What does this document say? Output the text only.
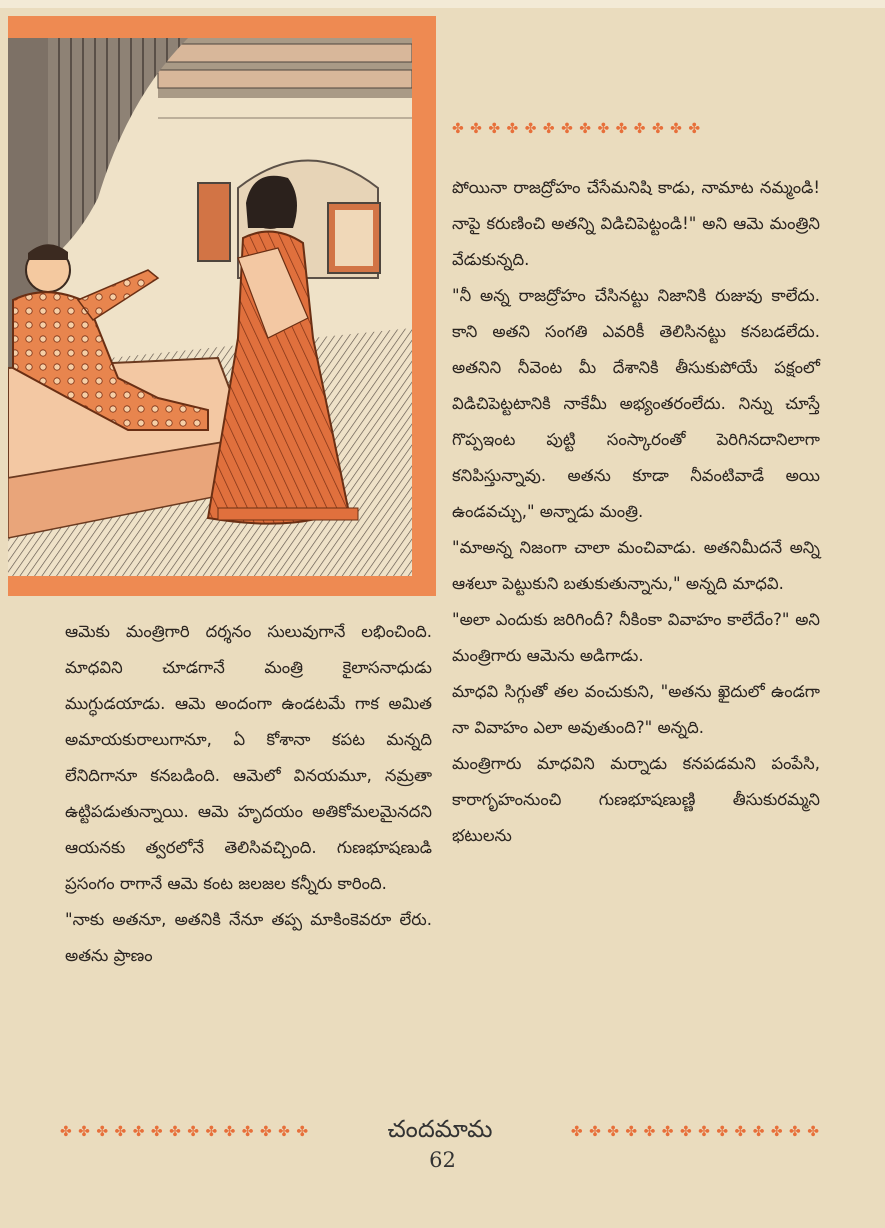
✤ ✤ ✤ ✤ ✤ ✤ ✤ ✤ ✤ ✤ ✤ ✤ ✤ ✤

పోయినా రాజద్రోహం చేసేమనిషి కాడు, నామాట నమ్మండి! నాపై కరుణించి అతన్ని విడిచిపెట్టండి!" అని ఆమె మంత్రిని వేడుకున్నది.

"నీ అన్న రాజద్రోహం చేసినట్టు నిజానికి రుజువు కాలేదు. కాని అతని సంగతి ఎవరికీ తెలిసినట్టు కనబడలేదు. అతనిని నీవెంట మీ దేశానికి తీసుకుపోయే పక్షంలో విడిచిపెట్టటానికి నాకేమీ అభ్యంతరంలేదు. నిన్ను చూస్తే గొప్పఇంట పుట్టి సంస్కారంతో పెరిగినదానిలాగా కనిపిస్తున్నావు. అతను కూడా నీవంటివాడే అయి ఉండవచ్చు," అన్నాడు మంత్రి.

"మాఅన్న నిజంగా చాలా మంచివాడు. అతనిమీదనే అన్ని ఆశలూ పెట్టుకుని బతుకుతున్నాను," అన్నది మాధవి.

"అలా ఎందుకు జరిగిందీ? నీకింకా వివాహం కాలేదేం?" అని మంత్రిగారు ఆమెను అడిగాడు.

మాధవి సిగ్గుతో తల వంచుకుని, "అతను ఖైదులో ఉండగా నా వివాహం ఎలా అవుతుంది?" అన్నది.

మంత్రిగారు మాధవిని మర్నాడు కనపడమని పంపేసి, కారాగృహంనుంచి గుణభూషణుణ్ణి తీసుకురమ్మని భటులను

ఆమెకు మంత్రిగారి దర్శనం సులువుగానే లభించింది. మాధవిని చూడగానే మంత్రి కైలాసనాధుడు ముగ్ధుడయాడు. ఆమె అందంగా ఉండటమే గాక అమిత అమాయకురాలుగానూ, ఏ కోశానా కపట మన్నది లేనిదిగానూ కనబడింది. ఆమెలో వినయమూ, నమ్రతా ఉట్టిపడుతున్నాయి. ఆమె హృదయం అతికోమలమైనదని ఆయనకు త్వరలోనే తెలిసివచ్చింది. గుణభూషణుడి ప్రసంగం రాగానే ఆమె కంట జలజల కన్నీరు కారింది.

"నాకు అతనూ, అతనికి నేనూ తప్ప మాకింకెవరూ లేరు. అతను ప్రాణం

✤ ✤ ✤ ✤ ✤ ✤ ✤ ✤ ✤ ✤ ✤ ✤ ✤ ✤	చందమామ	✤ ✤ ✤ ✤ ✤ ✤ ✤ ✤ ✤ ✤ ✤ ✤ ✤ ✤
62
